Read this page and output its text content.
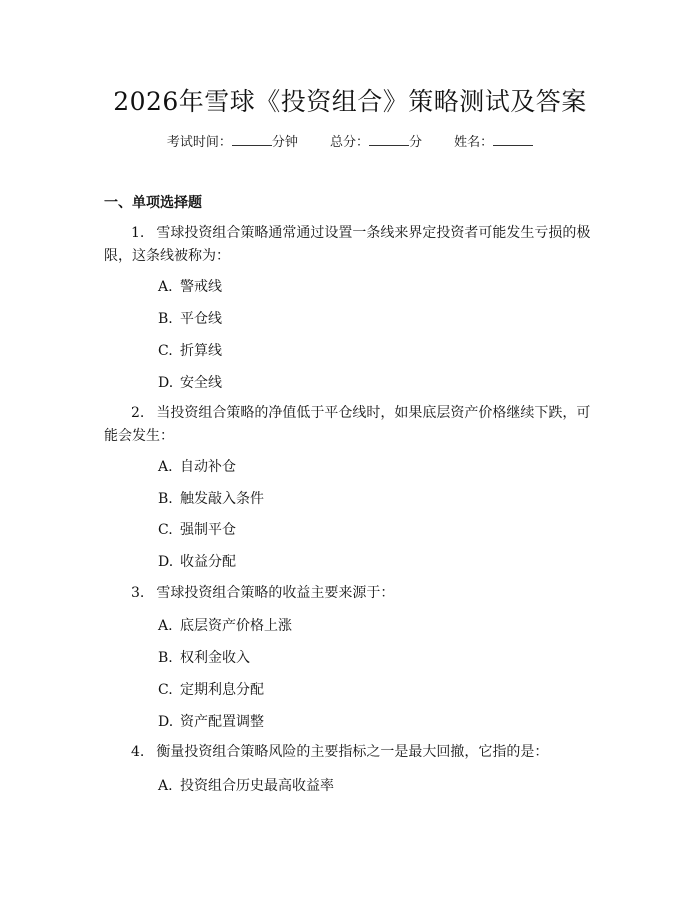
2026年雪球《投资组合》策略测试及答案
考试时间：	分钟 总分：	分 姓名：
一、单项选择题
1. 雪球投资组合策略通常通过设置一条线来界定投资者可能发生亏损的极限，这条线被称为：
A. 警戒线
B. 平仓线
C. 折算线
D. 安全线
2. 当投资组合策略的净值低于平仓线时，如果底层资产价格继续下跌，可能会发生：
A. 自动补仓
B. 触发敲入条件
C. 强制平仓
D. 收益分配
3. 雪球投资组合策略的收益主要来源于：
A. 底层资产价格上涨
B. 权利金收入
C. 定期利息分配
D. 资产配置调整
4. 衡量投资组合策略风险的主要指标之一是最大回撤，它指的是：
A. 投资组合历史最高收益率
